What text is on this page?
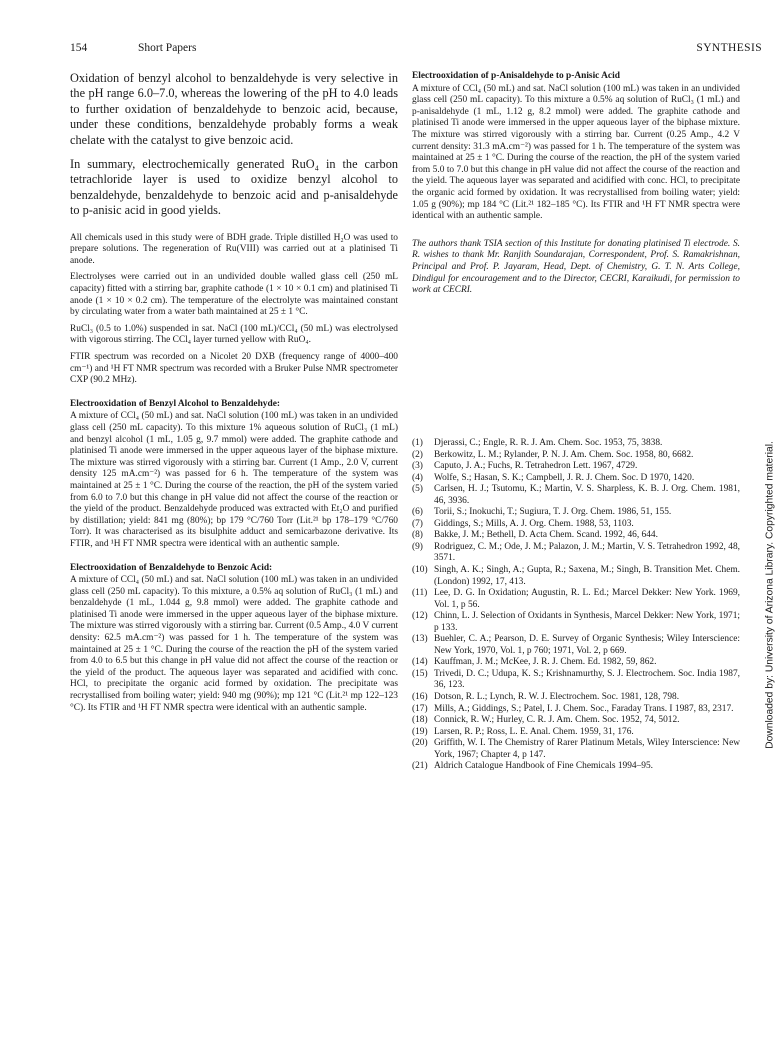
154	Short Papers	SYNTHESIS

Oxidation of benzyl alcohol to benzaldehyde is very selective in the pH range 6.0–7.0, whereas the lowering of the pH to 4.0 leads to further oxidation of benzaldehyde to benzoic acid, because, under these conditions, benzaldehyde probably forms a weak chelate with the catalyst to give benzoic acid.

In summary, electrochemically generated RuO₄ in the carbon tetrachloride layer is used to oxidize benzyl alcohol to benzaldehyde, benzaldehyde to benzoic acid and p-anisaldehyde to p-anisic acid in good yields.

All chemicals used in this study were of BDH grade. Triple distilled H₂O was used to prepare solutions. The regeneration of Ru(VIII) was carried out at a platinised Ti anode.

Electrolyses were carried out in an undivided double walled glass cell (250 mL capacity) fitted with a stirring bar, graphite cathode (1 × 10 × 0.1 cm) and platinised Ti anode (1 × 10 × 0.2 cm). The temperature of the electrolyte was maintained constant by circulating water from a water bath maintained at 25 ± 1 °C.

RuCl₃ (0.5 to 1.0%) suspended in sat. NaCl (100 mL)/CCl₄ (50 mL) was electrolysed with vigorous stirring. The CCl₄ layer turned yellow with RuO₄.

FTIR spectrum was recorded on a Nicolet 20 DXB (frequency range of 4000–400 cm⁻¹) and ¹H FT NMR spectrum was recorded with a Bruker Pulse NMR spectrometer CXP (90.2 MHz).

Electrooxidation of Benzyl Alcohol to Benzaldehyde:

A mixture of CCl₄ (50 mL) and sat. NaCl solution (100 mL) was taken in an undivided glass cell (250 mL capacity). To this mixture 1% aqueous solution of RuCl₃ (1 mL) and benzyl alcohol (1 mL, 1.05 g, 9.7 mmol) were added. The graphite cathode and platinised Ti anode were immersed in the upper aqueous layer of the biphase mixture. The mixture was stirred vigorously with a stirring bar. Current (1 Amp., 2.0 V, current density 125 mA.cm⁻²) was passed for 6 h. The temperature of the system was maintained at 25 ± 1 °C. During the course of the reaction, the pH of the system varied from 6.0 to 7.0 but this change in pH value did not affect the course of the reaction or the yield of the product. Benzaldehyde produced was extracted with Et₂O and purified by distillation; yield: 841 mg (80%); bp 179 °C/760 Torr (Lit.²¹ bp 178–179 °C/760 Torr). It was characterised as its bisulphite adduct and semicarbazone derivative. Its FTIR, and ¹H FT NMR spectra were identical with an authentic sample.

Electrooxidation of Benzaldehyde to Benzoic Acid:

A mixture of CCl₄ (50 mL) and sat. NaCl solution (100 mL) was taken in an undivided glass cell (250 mL capacity). To this mixture, a 0.5% aq solution of RuCl₃ (1 mL) and benzaldehyde (1 mL, 1.044 g, 9.8 mmol) were added. The graphite cathode and platinised Ti anode were immersed in the upper aqueous layer of the biphase mixture. The mixture was stirred vigorously with a stirring bar. Current (0.5 Amp., 4.0 V current density: 62.5 mA.cm⁻²) was passed for 1 h. The temperature of the system was maintained at 25 ± 1 °C. During the course of the reaction the pH of the system varied from 4.0 to 6.5 but this change in pH value did not affect the course of the reaction or the yield of the product. The aqueous layer was separated and acidified with conc. HCl, to precipitate the organic acid formed by oxidation. The precipitate was recrystallised from boiling water; yield: 940 mg (90%); mp 121 °C (Lit.²¹ mp 122–123 °C). Its FTIR and ¹H FT NMR spectra were identical with an authentic sample.

Electrooxidation of p-Anisaldehyde to p-Anisic Acid

A mixture of CCl₄ (50 mL) and sat. NaCl solution (100 mL) was taken in an undivided glass cell (250 mL capacity). To this mixture a 0.5% aq solution of RuCl₃ (1 mL) and p-anisaldehyde (1 mL, 1.12 g, 8.2 mmol) were added. The graphite cathode and platinised Ti anode were immersed in the upper aqueous layer of the biphase mixture. The mixture was stirred vigorously with a stirring bar. Current (0.25 Amp., 4.2 V current density: 31.3 mA.cm⁻²) was passed for 1 h. The temperature of the system was maintained at 25 ± 1 °C. During the course of the reaction, the pH of the system varied from 5.0 to 7.0 but this change in pH value did not affect the course of the reaction and the yield. The aqueous layer was separated and acidified with conc. HCl, to precipitate the organic acid formed by oxidation. It was recrystallised from boiling water; yield: 1.05 g (90%); mp 184 °C (Lit.²¹ 182–185 °C). Its FTIR and ¹H FT NMR spectra were identical with an authentic sample.

The authors thank TSIA section of this Institute for donating platinised Ti electrode. S. R. wishes to thank Mr. Ranjith Soundarajan, Correspondent, Prof. S. Ramakrishnan, Principal and Prof. P. Jayaram, Head, Dept. of Chemistry, G. T. N. Arts College, Dindigul for encouragement and to the Director, CECRI, Karaikudi, for permission to work at CECRI.

(1)	Djerassi, C.; Engle, R. R. J. Am. Chem. Soc. 1953, 75, 3838.
(2)	Berkowitz, L. M.; Rylander, P. N. J. Am. Chem. Soc. 1958, 80, 6682.
(3)	Caputo, J. A.; Fuchs, R. Tetrahedron Lett. 1967, 4729.
(4)	Wolfe, S.; Hasan, S. K.; Campbell, J. R. J. Chem. Soc. D 1970, 1420.
(5)	Carlsen, H. J.; Tsutomu, K.; Martin, V. S. Sharpless, K. B. J. Org. Chem. 1981, 46, 3936.
(6)	Torii, S.; Inokuchi, T.; Sugiura, T. J. Org. Chem. 1986, 51, 155.
(7)	Giddings, S.; Mills, A. J. Org. Chem. 1988, 53, 1103.
(8)	Bakke, J. M.; Bethell, D. Acta Chem. Scand. 1992, 46, 644.
(9)	Rodriguez, C. M.; Ode, J. M.; Palazon, J. M.; Martin, V. S. Tetrahedron 1992, 48, 3571.
(10) Singh, A. K.; Singh, A.; Gupta, R.; Saxena, M.; Singh, B. Transition Met. Chem. (London) 1992, 17, 413.
(11) Lee, D. G. In Oxidation; Augustin, R. L. Ed.; Marcel Dekker: New York. 1969, Vol. 1, p 56.
(12) Chinn, L. J. Selection of Oxidants in Synthesis, Marcel Dekker: New York, 1971; p 133.
(13) Buehler, C. A.; Pearson, D. E. Survey of Organic Synthesis; Wiley Interscience: New York, 1970, Vol. 1, p 760; 1971, Vol. 2, p 669.
(14) Kauffman, J. M.; McKee, J. R. J. Chem. Ed. 1982, 59, 862.
(15) Trivedi, D. C.; Udupa, K. S.; Krishnamurthy, S. J. Electrochem. Soc. India 1987, 36, 123.
(16) Dotson, R. L.; Lynch, R. W. J. Electrochem. Soc. 1981, 128, 798.
(17) Mills, A.; Giddings, S.; Patel, I. J. Chem. Soc., Faraday Trans. I 1987, 83, 2317.
(18) Connick, R. W.; Hurley, C. R. J. Am. Chem. Soc. 1952, 74, 5012.
(19) Larsen, R. P.; Ross, L. E. Anal. Chem. 1959, 31, 176.
(20) Griffith, W. I. The Chemistry of Rarer Platinum Metals, Wiley Interscience: New York, 1967; Chapter 4, p 147.
(21) Aldrich Catalogue Handbook of Fine Chemicals 1994–95.
Downloaded by: University of Arizona Library. Copyrighted material.
